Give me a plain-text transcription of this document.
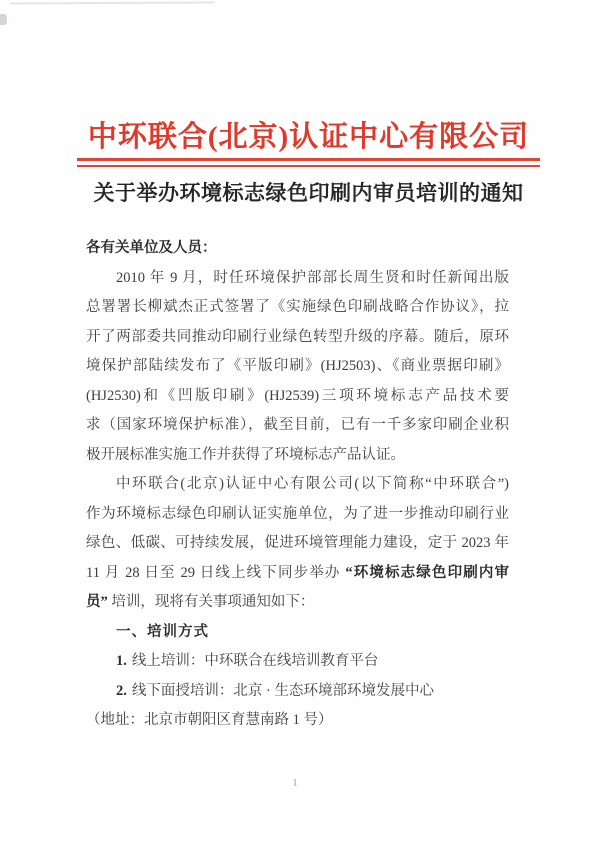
中环联合(北京)认证中心有限公司
关于举办环境标志绿色印刷内审员培训的通知
各有关单位及人员：
2010 年 9 月，时任环境保护部部长周生贤和时任新闻出版
总署署长柳斌杰正式签署了《实施绿色印刷战略合作协议》，拉
开了两部委共同推动印刷行业绿色转型升级的序幕。随后，原环
境保护部陆续发布了《平版印刷》(HJ2503)、《商业票据印刷》
(HJ2530)和《凹版印刷》(HJ2539)三项环境标志产品技术要
求（国家环境保护标准），截至目前，已有一千多家印刷企业积
极开展标准实施工作并获得了环境标志产品认证。
中环联合(北京)认证中心有限公司(以下简称“中环联合”)
作为环境标志绿色印刷认证实施单位，为了进一步推动印刷行业
绿色、低碳、可持续发展，促进环境管理能力建设，定于 2023 年
11 月 28 日至 29 日线上线下同步举办 “环境标志绿色印刷内审
员” 培训，现将有关事项通知如下：
一、培训方式
1. 线上培训：中环联合在线培训教育平台
2. 线下面授培训：北京 · 生态环境部环境发展中心
（地址：北京市朝阳区育慧南路 1 号）
1
